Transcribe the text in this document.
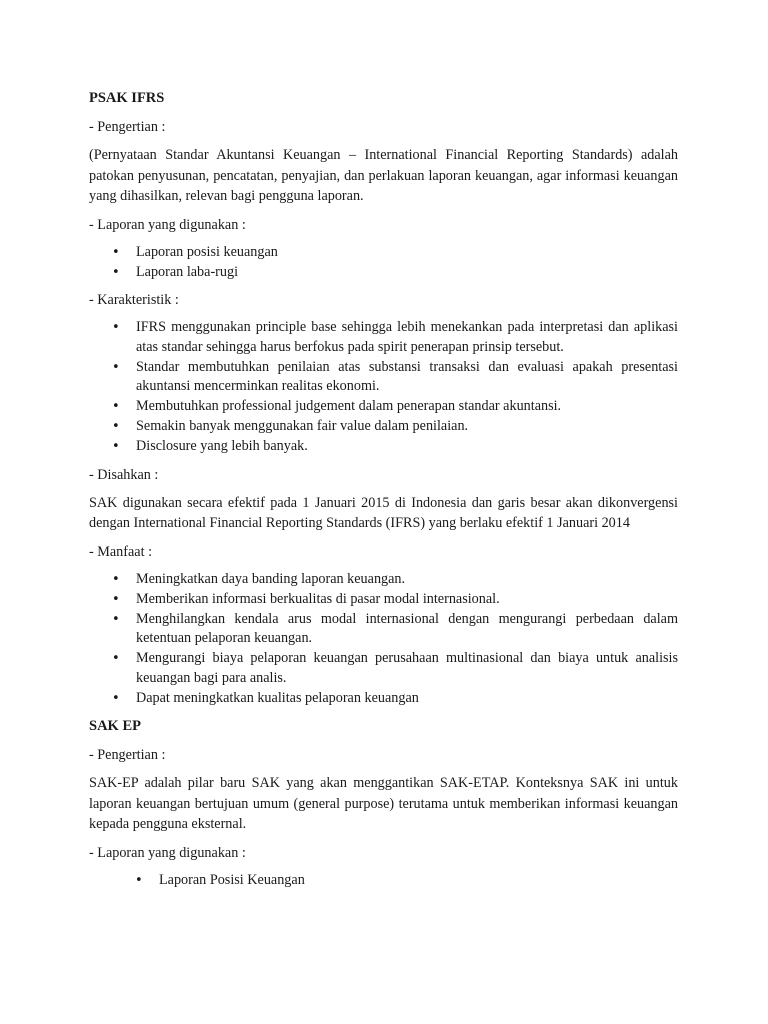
PSAK IFRS
- Pengertian :
(Pernyataan Standar Akuntansi Keuangan – International Financial Reporting Standards) adalah patokan penyusunan, pencatatan, penyajian, dan perlakuan laporan keuangan, agar informasi keuangan yang dihasilkan, relevan bagi pengguna laporan.
- Laporan yang digunakan :
• Laporan posisi keuangan
• Laporan laba-rugi
- Karakteristik :
• IFRS menggunakan principle base sehingga lebih menekankan pada interpretasi dan aplikasi atas standar sehingga harus berfokus pada spirit penerapan prinsip tersebut.
• Standar membutuhkan penilaian atas substansi transaksi dan evaluasi apakah presentasi akuntansi mencerminkan realitas ekonomi.
• Membutuhkan professional judgement dalam penerapan standar akuntansi.
• Semakin banyak menggunakan fair value dalam penilaian.
• Disclosure yang lebih banyak.
- Disahkan :
SAK digunakan secara efektif pada 1 Januari 2015 di Indonesia dan garis besar akan dikonvergensi dengan International Financial Reporting Standards (IFRS) yang berlaku efektif 1 Januari 2014
- Manfaat :
• Meningkatkan daya banding laporan keuangan.
• Memberikan informasi berkualitas di pasar modal internasional.
• Menghilangkan kendala arus modal internasional dengan mengurangi perbedaan dalam ketentuan pelaporan keuangan.
• Mengurangi biaya pelaporan keuangan perusahaan multinasional dan biaya untuk analisis keuangan bagi para analis.
• Dapat meningkatkan kualitas pelaporan keuangan
SAK EP
- Pengertian :
SAK-EP adalah pilar baru SAK yang akan menggantikan SAK-ETAP. Konteksnya SAK ini untuk laporan keuangan bertujuan umum (general purpose) terutama untuk memberikan informasi keuangan kepada pengguna eksternal.
- Laporan yang digunakan :
• Laporan Posisi Keuangan
